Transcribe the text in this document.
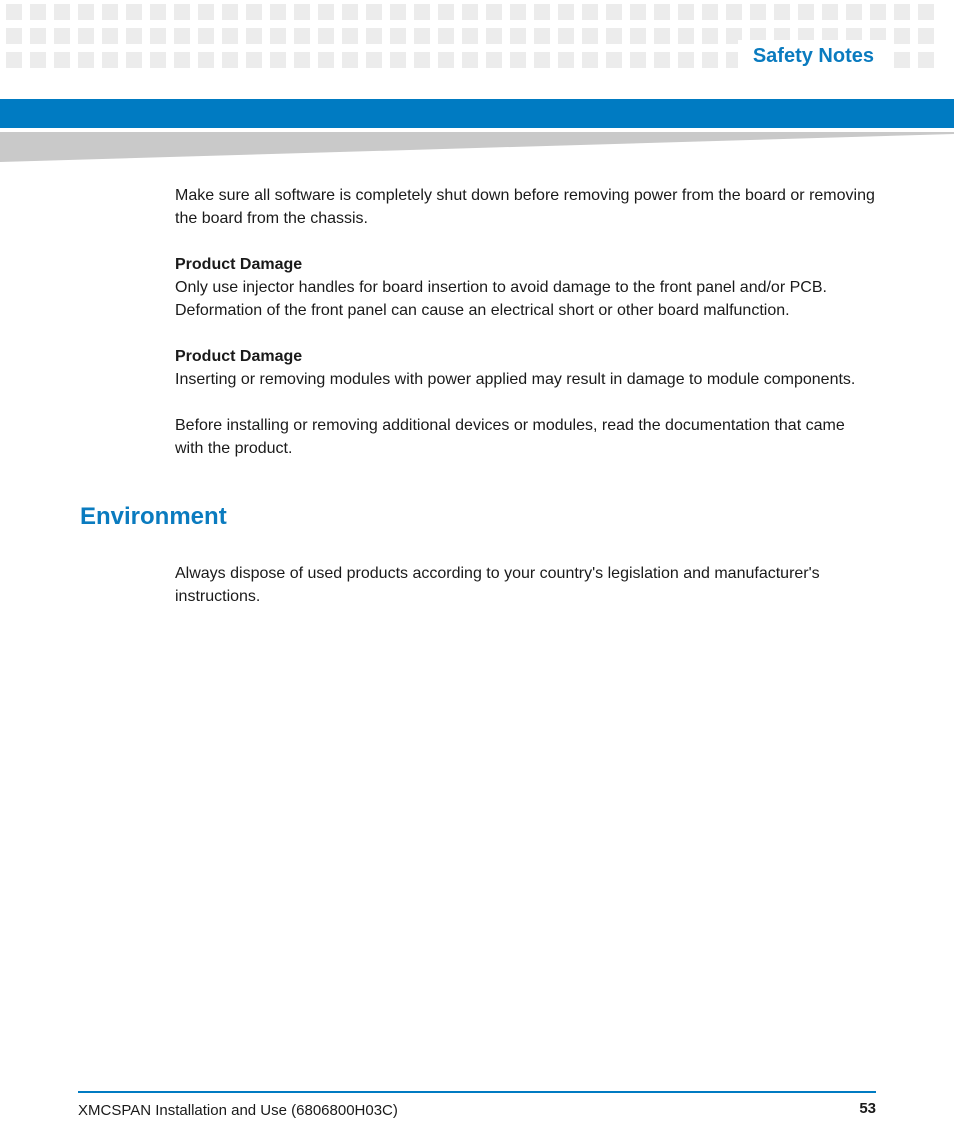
Safety Notes

Make sure all software is completely shut down before removing power from the board or removing the board from the chassis.

Product Damage

Only use injector handles for board insertion to avoid damage to the front panel and/or PCB.

Deformation of the front panel can cause an electrical short or other board malfunction.

Product Damage

Inserting or removing modules with power applied may result in damage to module components.

Before installing or removing additional devices or modules, read the documentation that came with the product.

Environment

Always dispose of used products according to your country's legislation and manufacturer's instructions.

XMCSPAN Installation and Use (6806800H03C)	53
